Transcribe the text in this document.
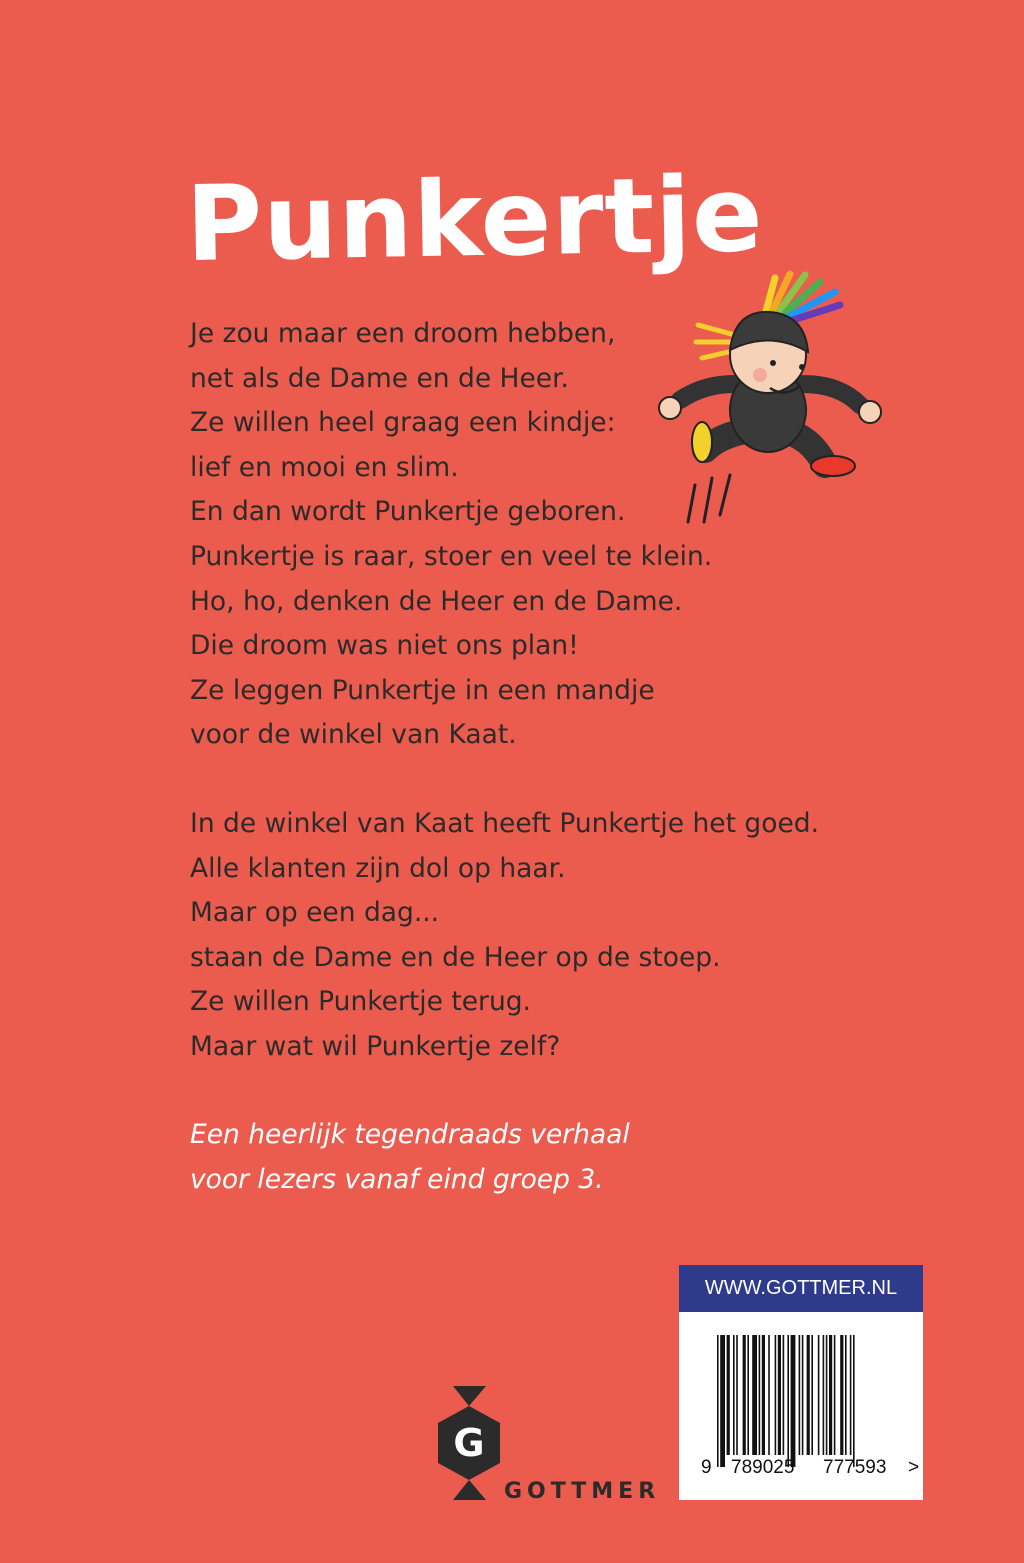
Punkertje
Je zou maar een droom hebben,
net als de Dame en de Heer.
Ze willen heel graag een kindje:
lief en mooi en slim.
En dan wordt Punkertje geboren.
Punkertje is raar, stoer en veel te klein.
Ho, ho, denken de Heer en de Dame.
Die droom was niet ons plan!
Ze leggen Punkertje in een mandje
voor de winkel van Kaat.
In de winkel van Kaat heeft Punkertje het goed.
Alle klanten zijn dol op haar.
Maar op een dag...
staan de Dame en de Heer op de stoep.
Ze willen Punkertje terug.
Maar wat wil Punkertje zelf?
Een heerlijk tegendraads verhaal
voor lezers vanaf eind groep 3.
WWW.GOTTMER.NL
9 789025 777593 >
G
GOTTMER
